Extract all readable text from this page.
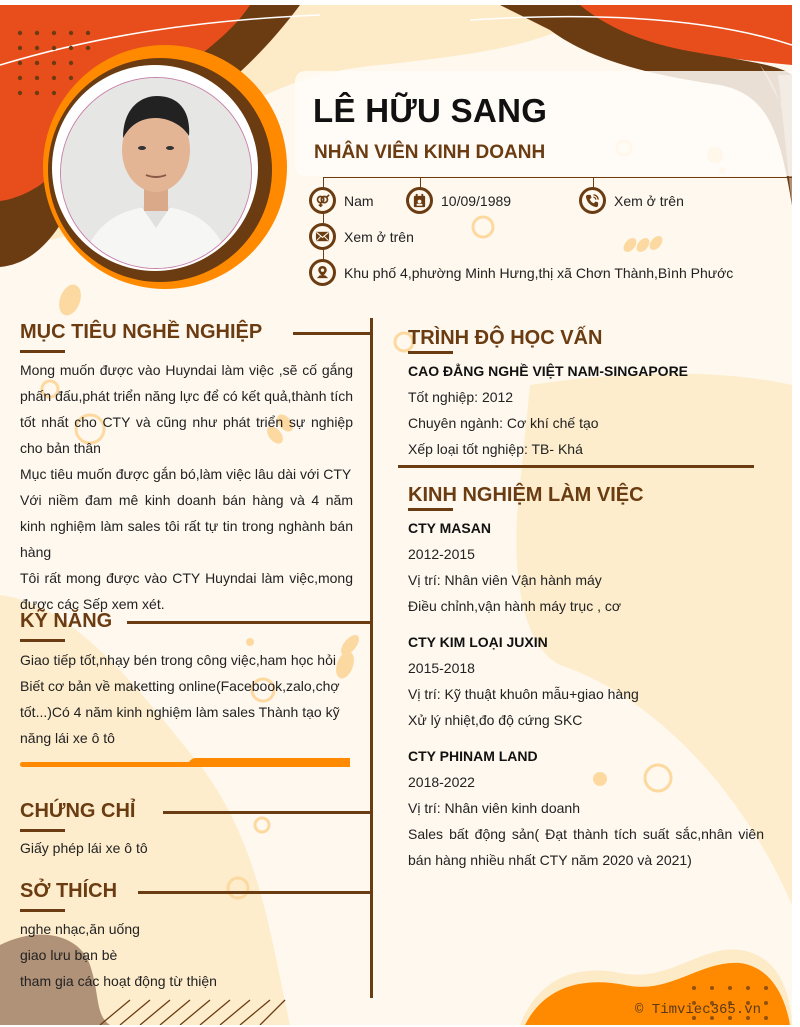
LÊ HỮU SANG
NHÂN VIÊN KINH DOANH
Nam	10/09/1989	Xem ở trên
Xem ở trên
Khu phố 4,phường Minh Hưng,thị xã Chơn Thành,Bình Phước
MỤC TIÊU NGHỀ NGHIỆP
Mong muốn được vào Huyndai làm việc ,sẽ cố gắng phấn đấu,phát triển năng lực để có kết quả,thành tích tốt nhất cho CTY và cũng như phát triển sự nghiệp cho bản thân
Mục tiêu muốn được gắn bó,làm việc lâu dài với CTY
Với niềm đam mê kinh doanh bán hàng và 4 năm kinh nghiệm làm sales tôi rất tự tin trong nghành bán hàng
Tôi rất mong được vào CTY Huyndai làm việc,mong được các Sếp xem xét.
KỸ NĂNG
Giao tiếp tốt,nhạy bén trong công việc,ham học hỏi
Biết cơ bản về maketting online(Facebook,zalo,chợ tốt...)Có 4 năm kinh nghiệm làm sales Thành tạo kỹ năng lái xe ô tô
CHỨNG CHỈ
Giấy phép lái xe ô tô
SỞ THÍCH
nghe nhạc,ăn uống
giao lưu bạn bè
tham gia các hoạt động từ thiện
TRÌNH ĐỘ HỌC VẤN
CAO ĐẲNG NGHỀ VIỆT NAM-SINGAPORE
Tốt nghiệp: 2012
Chuyên ngành: Cơ khí chế tạo
Xếp loại tốt nghiệp: TB- Khá
KINH NGHIỆM LÀM VIỆC
CTY MASAN
2012-2015
Vị trí: Nhân viên Vận hành máy
Điều chỉnh,vận hành máy trục , cơ
CTY KIM LOẠI JUXIN
2015-2018
Vị trí: Kỹ thuật khuôn mẫu+giao hàng
Xử lý nhiệt,đo độ cứng SKC
CTY PHINAM LAND
2018-2022
Vị trí: Nhân viên kinh doanh
Sales bất động sản( Đạt thành tích suất sắc,nhân viên bán hàng nhiều nhất CTY năm 2020 và 2021)
© Timviec365.vn
